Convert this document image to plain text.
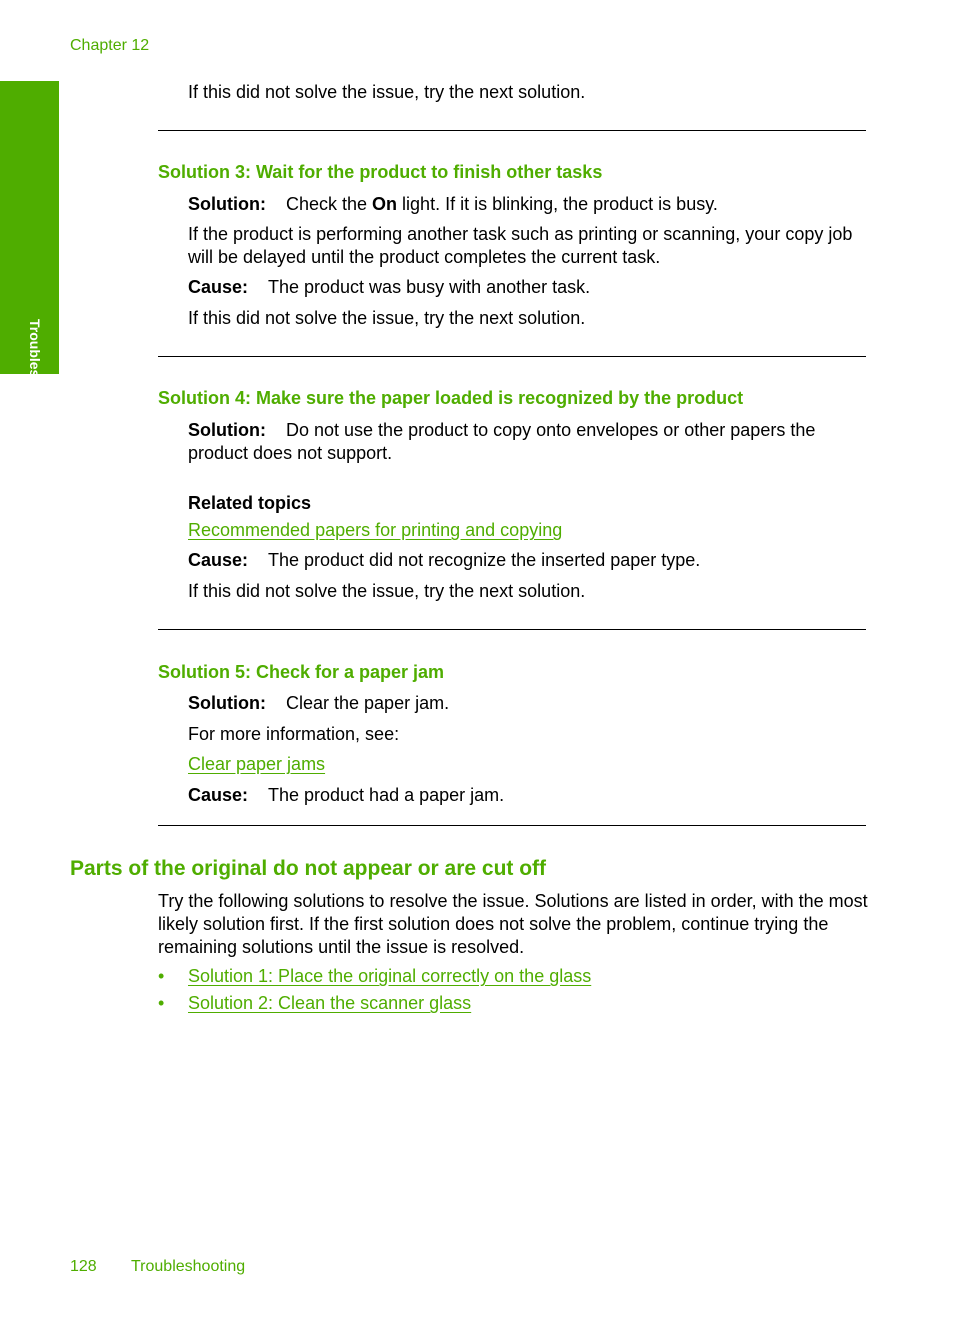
Chapter 12
Troubleshooting
If this did not solve the issue, try the next solution.
Solution 3: Wait for the product to finish other tasks
Solution: Check the On light. If it is blinking, the product is busy.
If the product is performing another task such as printing or scanning, your copy job will be delayed until the product completes the current task.
Cause: The product was busy with another task.
If this did not solve the issue, try the next solution.
Solution 4: Make sure the paper loaded is recognized by the product
Solution: Do not use the product to copy onto envelopes or other papers the product does not support.
Related topics
Recommended papers for printing and copying
Cause: The product did not recognize the inserted paper type.
If this did not solve the issue, try the next solution.
Solution 5: Check for a paper jam
Solution: Clear the paper jam.
For more information, see:
Clear paper jams
Cause: The product had a paper jam.
Parts of the original do not appear or are cut off
Try the following solutions to resolve the issue. Solutions are listed in order, with the most likely solution first. If the first solution does not solve the problem, continue trying the remaining solutions until the issue is resolved.
• Solution 1: Place the original correctly on the glass
• Solution 2: Clean the scanner glass
128 Troubleshooting
